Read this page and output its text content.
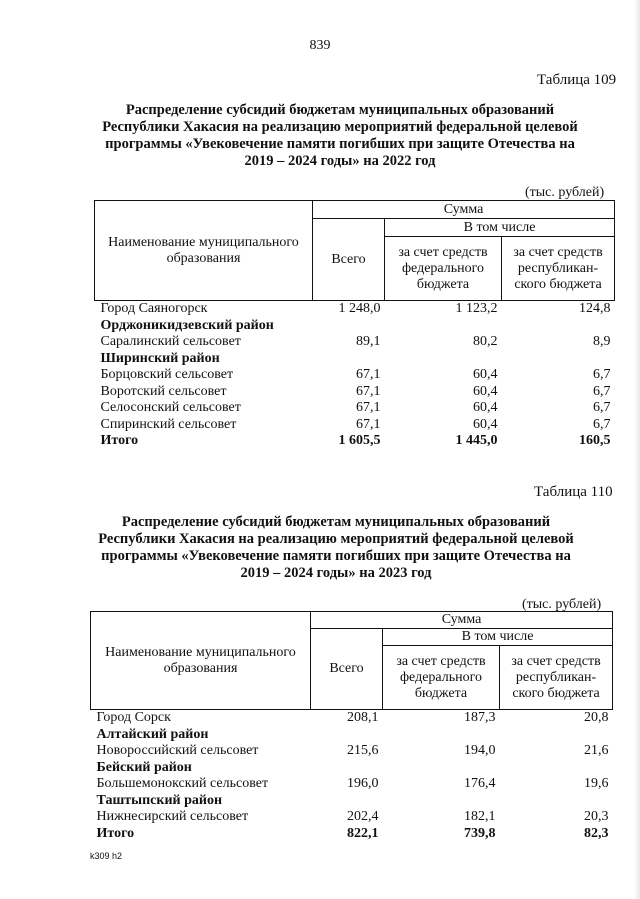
839
Таблица 109
Распределение субсидий бюджетам муниципальных образований
Республики Хакасия на реализацию мероприятий федеральной целевой
программы «Увековечение памяти погибших при защите Отечества на
2019 – 2024 годы» на 2022 год
(тыс. рублей)
Наименование муниципального образования	Сумма		
	Всего	В том числе	
		за счет средств федерального бюджета	за счет средств республикан-ского бюджета
Город Саяногорск	1 248,0	1 123,2	124,8
Орджоникидзевский район			
Саралинский сельсовет	89,1	80,2	8,9
Ширинский район			
Борцовский сельсовет	67,1	60,4	6,7
Воротский сельсовет	67,1	60,4	6,7
Селосонский сельсовет	67,1	60,4	6,7
Спиринский сельсовет	67,1	60,4	6,7
Итого	1 605,5	1 445,0	160,5
Таблица 110
Распределение субсидий бюджетам муниципальных образований
Республики Хакасия на реализацию мероприятий федеральной целевой
программы «Увековечение памяти погибших при защите Отечества на
2019 – 2024 годы» на 2023 год
(тыс. рублей)
Наименование муниципального образования	Сумма		
	Всего	В том числе	
		за счет средств федерального бюджета	за счет средств республикан-ского бюджета
Город Сорск	208,1	187,3	20,8
Алтайский район			
Новороссийский сельсовет	215,6	194,0	21,6
Бейский район			
Большемонокский сельсовет	196,0	176,4	19,6
Таштыпский район			
Нижнесирский сельсовет	202,4	182,1	20,3
Итого	822,1	739,8	82,3
k309 h2
